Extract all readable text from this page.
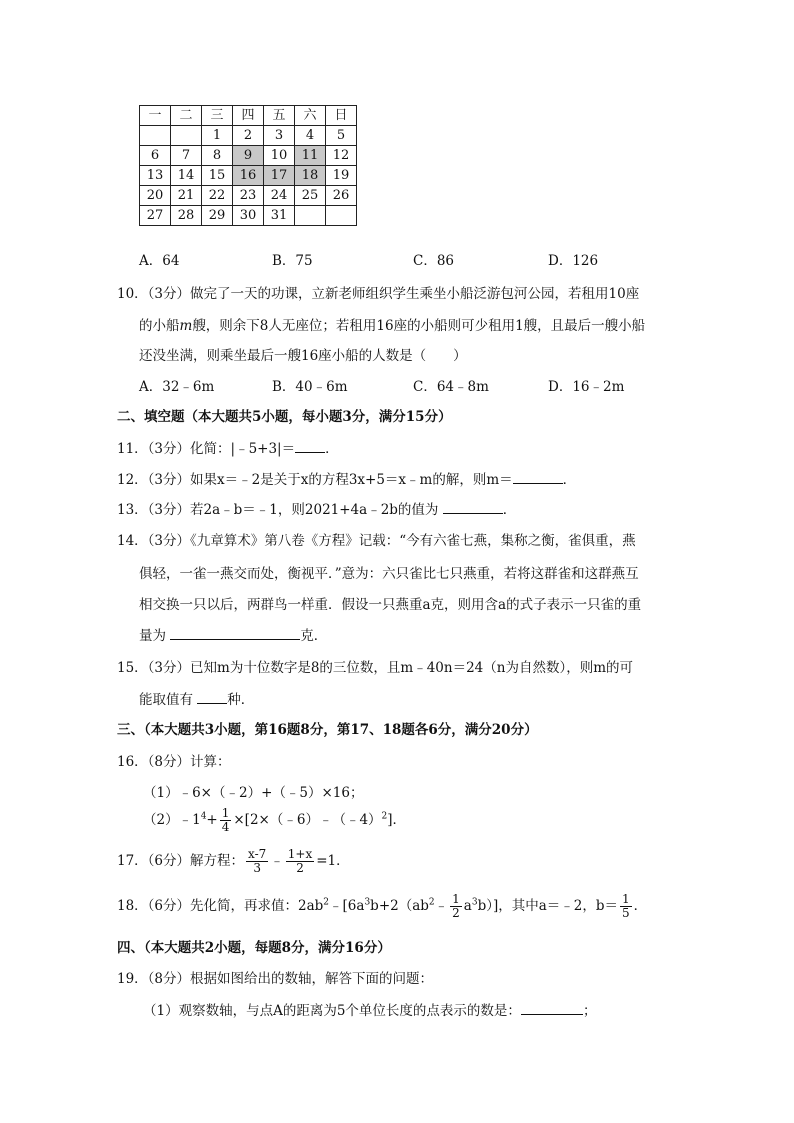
一	二	三	四	五	六	日
		1	2	3	4	5
6	7	8	9	10	11	12
13	14	15	16	17	18	19
20	21	22	23	24	25	26
27	28	29	30	31		
A．64	B．75	C．86	D．126
10．（3分）做完了一天的功课，立新老师组织学生乘坐小船泛游包河公园，若租用10座
的小船m艘，则余下8人无座位；若租用16座的小船则可少租用1艘，且最后一艘小船
还没坐满，则乘坐最后一艘16座小船的人数是（　　）
A．32﹣6m	B．40﹣6m	C．64﹣8m	D．16﹣2m
二、填空题（本大题共5小题，每小题3分，满分15分）
11．（3分）化简：|﹣5+3|＝ ．
12．（3分）如果x＝﹣2是关于x的方程3x+5＝x﹣m的解，则m＝	．
13．（3分）若2a﹣b＝﹣1，则2021+4a﹣2b的值为	．
14．（3分）《九章算术》第八卷《方程》记载：“今有六雀七燕，集称之衡，雀俱重，燕
俱轻，一雀一燕交而处，衡视平．”意为：六只雀比七只燕重，若将这群雀和这群燕互
相交换一只以后，两群鸟一样重．假设一只燕重a克，则用含a的式子表示一只雀的重
量为	克．
15．（3分）已知m为十位数字是8的三位数，且m﹣40n＝24（n为自然数），则m的可
能取值有	种．
三、（本大题共3小题，第16题8分，第17、18题各6分，满分20分）
16．（8分）计算：
（1）﹣6×（﹣2）+（﹣5）×16；
$(2)﹣1^4+ \frac{1}{4}$ ×[2×（﹣6）﹣（﹣4）$^2$]．
17．（6分）解方程： $\frac{x-7}{3}$ ﹣ $\frac{1+x}{2} =1$．
18．（6分）先化简，再求值：$2ab^2﹣[6a^3b+2(ab^2﹣ \frac{1}{2} a^3b)]$，其中a＝﹣2，$b= \frac{1}{5}$ ．
四、（本大题共2小题，每题8分，满分16分）
19．（8分）根据如图给出的数轴，解答下面的问题：
（1）观察数轴，与点A的距离为5个单位长度的点表示的数是：	；
